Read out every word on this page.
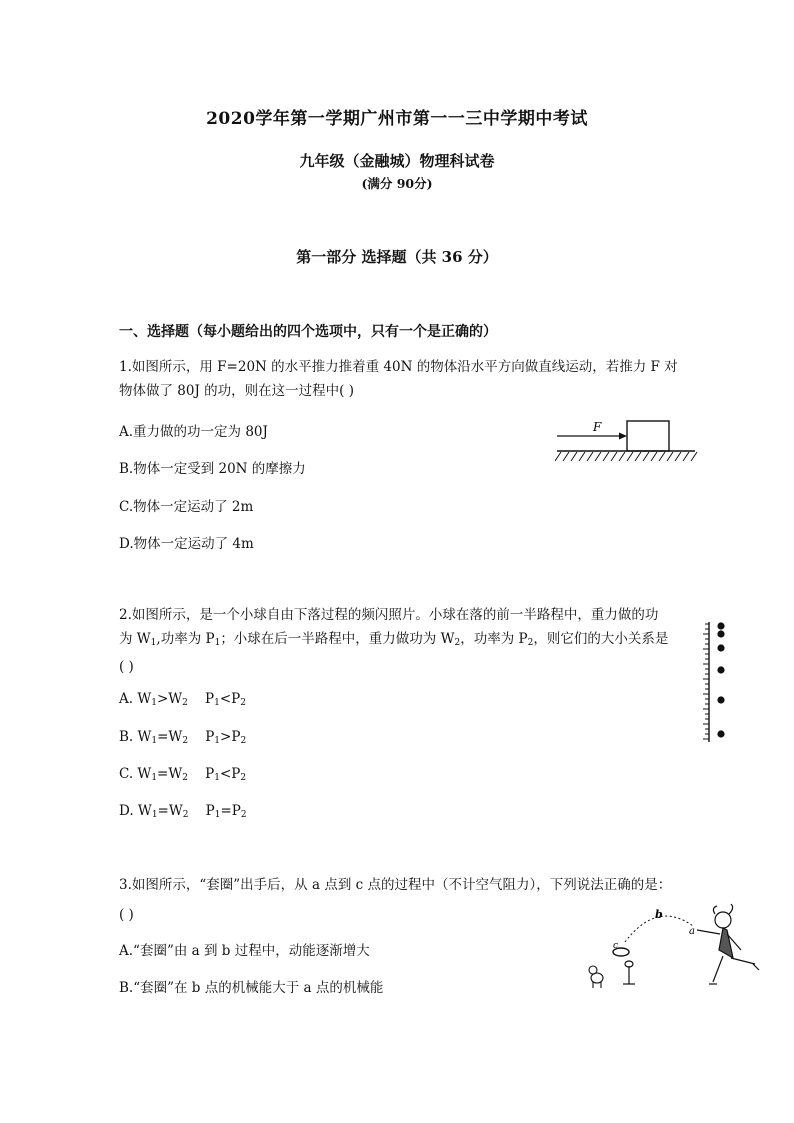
2020学年第一学期广州市第一一三中学期中考试
九年级（金融城）物理科试卷
(满分 90分)
第一部分 选择题（共 36 分）
一、选择题（每小题给出的四个选项中，只有一个是正确的）
1.如图所示，用 F=20N 的水平推力推着重 40N 的物体沿水平方向做直线运动，若推力 F 对
物体做了 80J 的功，则在这一过程中( )
A.重力做的功一定为 80J
B.物体一定受到 20N 的摩擦力
C.物体一定运动了 2m
D.物体一定运动了 4m
F
2.如图所示，是一个小球自由下落过程的频闪照片。小球在落的前一半路程中，重力做的功
为 $W_1$,功率为 $P_1$；小球在后一半路程中，重力做功为 $W_2$，功率为 $P_2$，则它们的大小关系是
( )
A. $W_1>W_2$    $P_1<P_2$
B. $W_1=W_2$    $P_1>P_2$
C. $W_1=W_2$    $P_1<P_2$
D. $W_1=W_2$    $P_1=P_2$
3.如图所示，“套圈”出手后，从 a 点到 c 点的过程中（不计空气阻力），下列说法正确的是：
( )
A.“套圈”由 a 到 b 过程中，动能逐渐增大
B.“套圈”在 b 点的机械能大于 a 点的机械能
b
a
c
